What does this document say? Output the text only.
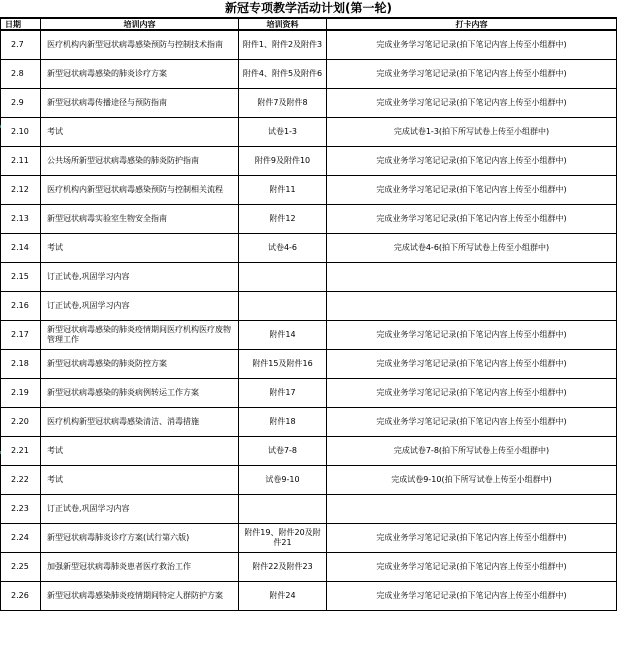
新冠专项教学活动计划(第一轮)
日期	培训内容	培训资料	打卡内容
2.7	医疗机构内新型冠状病毒感染预防与控制技术指南	附件1、附件2及附件3	完成业务学习笔记记录(拍下笔记内容上传至小组群中)
2.8	新型冠状病毒感染的肺炎诊疗方案	附件4、附件5及附件6	完成业务学习笔记记录(拍下笔记内容上传至小组群中)
2.9	新型冠状病毒传播途径与预防指南	附件7及附件8	完成业务学习笔记记录(拍下笔记内容上传至小组群中)
2.10	考试	试卷1-3	完成试卷1-3(拍下所写试卷上传至小组群中)
2.11	公共场所新型冠状病毒感染的肺炎防护指南	附件9及附件10	完成业务学习笔记记录(拍下笔记内容上传至小组群中)
2.12	医疗机构内新型冠状病毒感染预防与控制相关流程	附件11	完成业务学习笔记记录(拍下笔记内容上传至小组群中)
2.13	新型冠状病毒实验室生物安全指南	附件12	完成业务学习笔记记录(拍下笔记内容上传至小组群中)
2.14	考试	试卷4-6	完成试卷4-6(拍下所写试卷上传至小组群中)
2.15	订正试卷,巩固学习内容		
2.16	订正试卷,巩固学习内容		
2.17	新型冠状病毒感染的肺炎疫情期间医疗机构医疗废物管理工作	附件14	完成业务学习笔记记录(拍下笔记内容上传至小组群中)
2.18	新型冠状病毒感染的肺炎防控方案	附件15及附件16	完成业务学习笔记记录(拍下笔记内容上传至小组群中)
2.19	新型冠状病毒感染的肺炎病例转运工作方案	附件17	完成业务学习笔记记录(拍下笔记内容上传至小组群中)
2.20	医疗机构新型冠状病毒感染清洁、消毒措施	附件18	完成业务学习笔记记录(拍下笔记内容上传至小组群中)
2.21	考试	试卷7-8	完成试卷7-8(拍下所写试卷上传至小组群中)
2.22	考试	试卷9-10	完成试卷9-10(拍下所写试卷上传至小组群中)
2.23	订正试卷,巩固学习内容		
2.24	新型冠状病毒肺炎诊疗方案(试行第六版)	附件19、附件20及附件21	完成业务学习笔记记录(拍下笔记内容上传至小组群中)
2.25	加强新型冠状病毒肺炎患者医疗救治工作	附件22及附件23	完成业务学习笔记记录(拍下笔记内容上传至小组群中)
2.26	新型冠状病毒感染肺炎疫情期间特定人群防护方案	附件24	完成业务学习笔记记录(拍下笔记内容上传至小组群中)
